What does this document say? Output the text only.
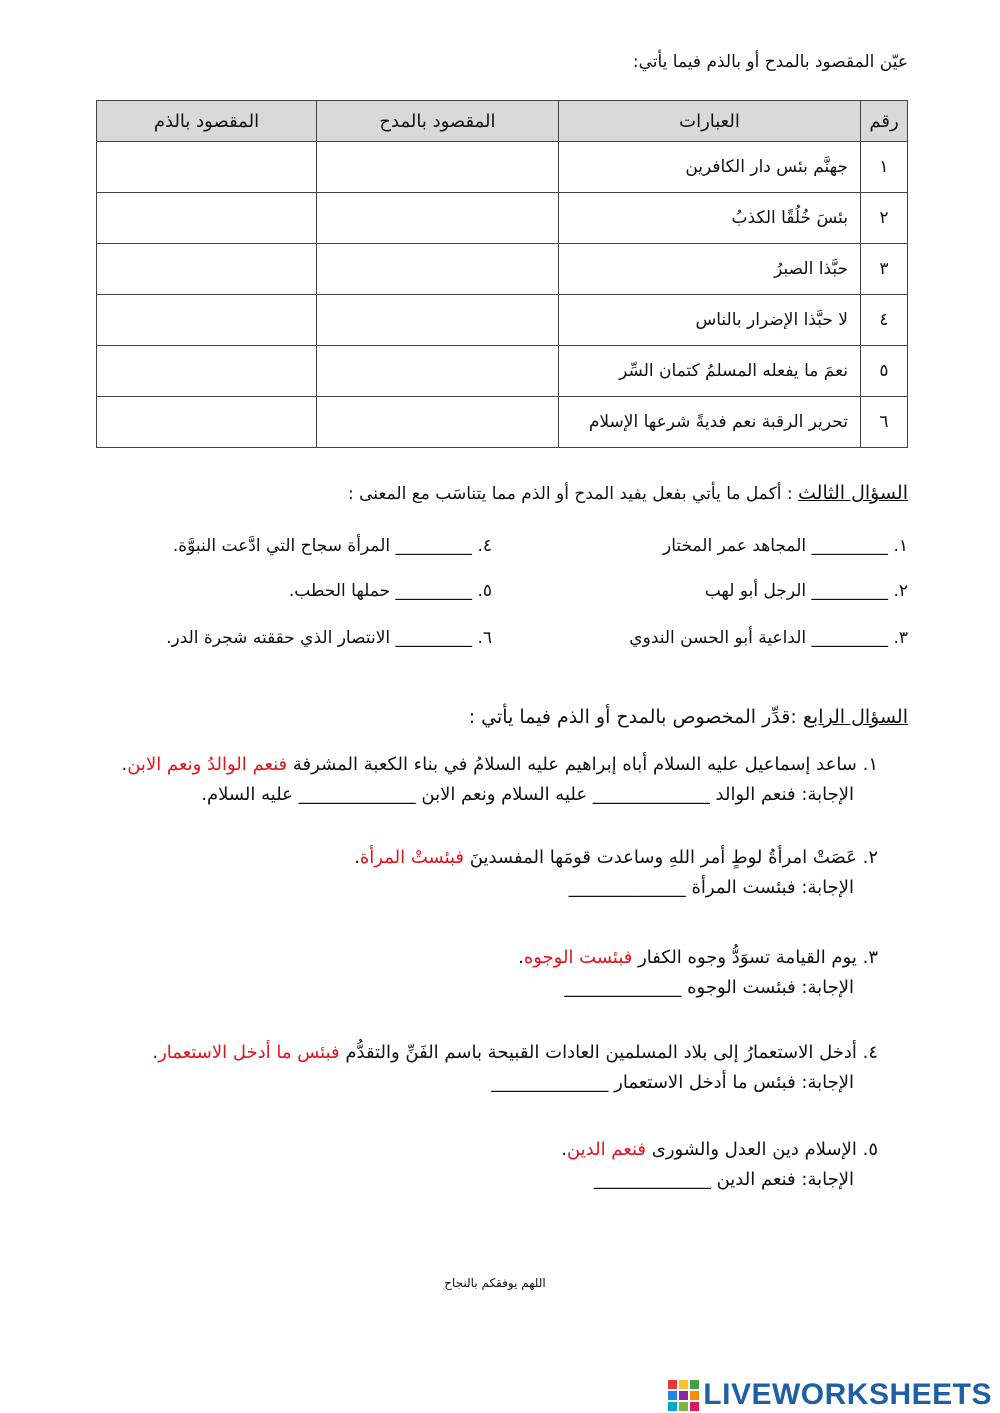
عيّن المقصود بالمدح أو بالذم فيما يأتي:
رقم	العبارات	المقصود بالمدح	المقصود بالذم
١	جهنَّم بئس دار الكافرين		
٢	بئسَ خُلُقًا الكذبُ		
٣	حبَّذا الصبرُ		
٤	لا حبَّذا الإضرار بالناس		
٥	نعمَ ما يفعله المسلمُ كتمان السِّر		
٦	تحرير الرقبة نعم فديةً شرعها الإسلام		
السؤال الثالث : أكمل ما يأتي بفعل يفيد المدح أو الذم مما يتناسَب مع المعنى :
١. _________ المجاهد عمر المختار
٢. _________ الرجل أبو لهب
٣. _________ الداعية أبو الحسن الندوي
٤. _________ المرأة سجاح التي ادَّعت النبوَّة.
٥. _________ حملها الحطب.
٦. _________ الانتصار الذي حققته شجرة الدر.
السؤال الرابع :قدِّر المخصوص بالمدح أو الذم فيما يأتي :
١. ساعد إسماعيل عليه السلام أباه إبراهيم عليه السلامُ في بناء الكعبة المشرفة فنعم الوالدُ ونعم الابن.
الإجابة: فنعم الوالد _____________ عليه السلام ونعم الابن _____________ عليه السلام.
٢. عَصَتْ امرأةُ لوطٍ أمر اللهِ وساعدت قومَها المفسدينَ فبئستْ المرأة.
الإجابة: فبئست المرأة _____________
٣. يوم القيامة تسوَدُّ وجوه الكفار فبئست الوجوه.
الإجابة: فبئست الوجوه _____________
٤. أدخل الاستعمارُ إلى بلاد المسلمين العادات القبيحة باسم الفَنِّ والتقدُّم فبئس ما أدخل الاستعمار.
الإجابة: فبئس ما أدخل الاستعمار _____________
٥. الإسلام دين العدل والشورى فنعم الدين.
الإجابة: فنعم الدين _____________
اللهم يوفقكم بالنجاح
LIVEWORKSHEETS
